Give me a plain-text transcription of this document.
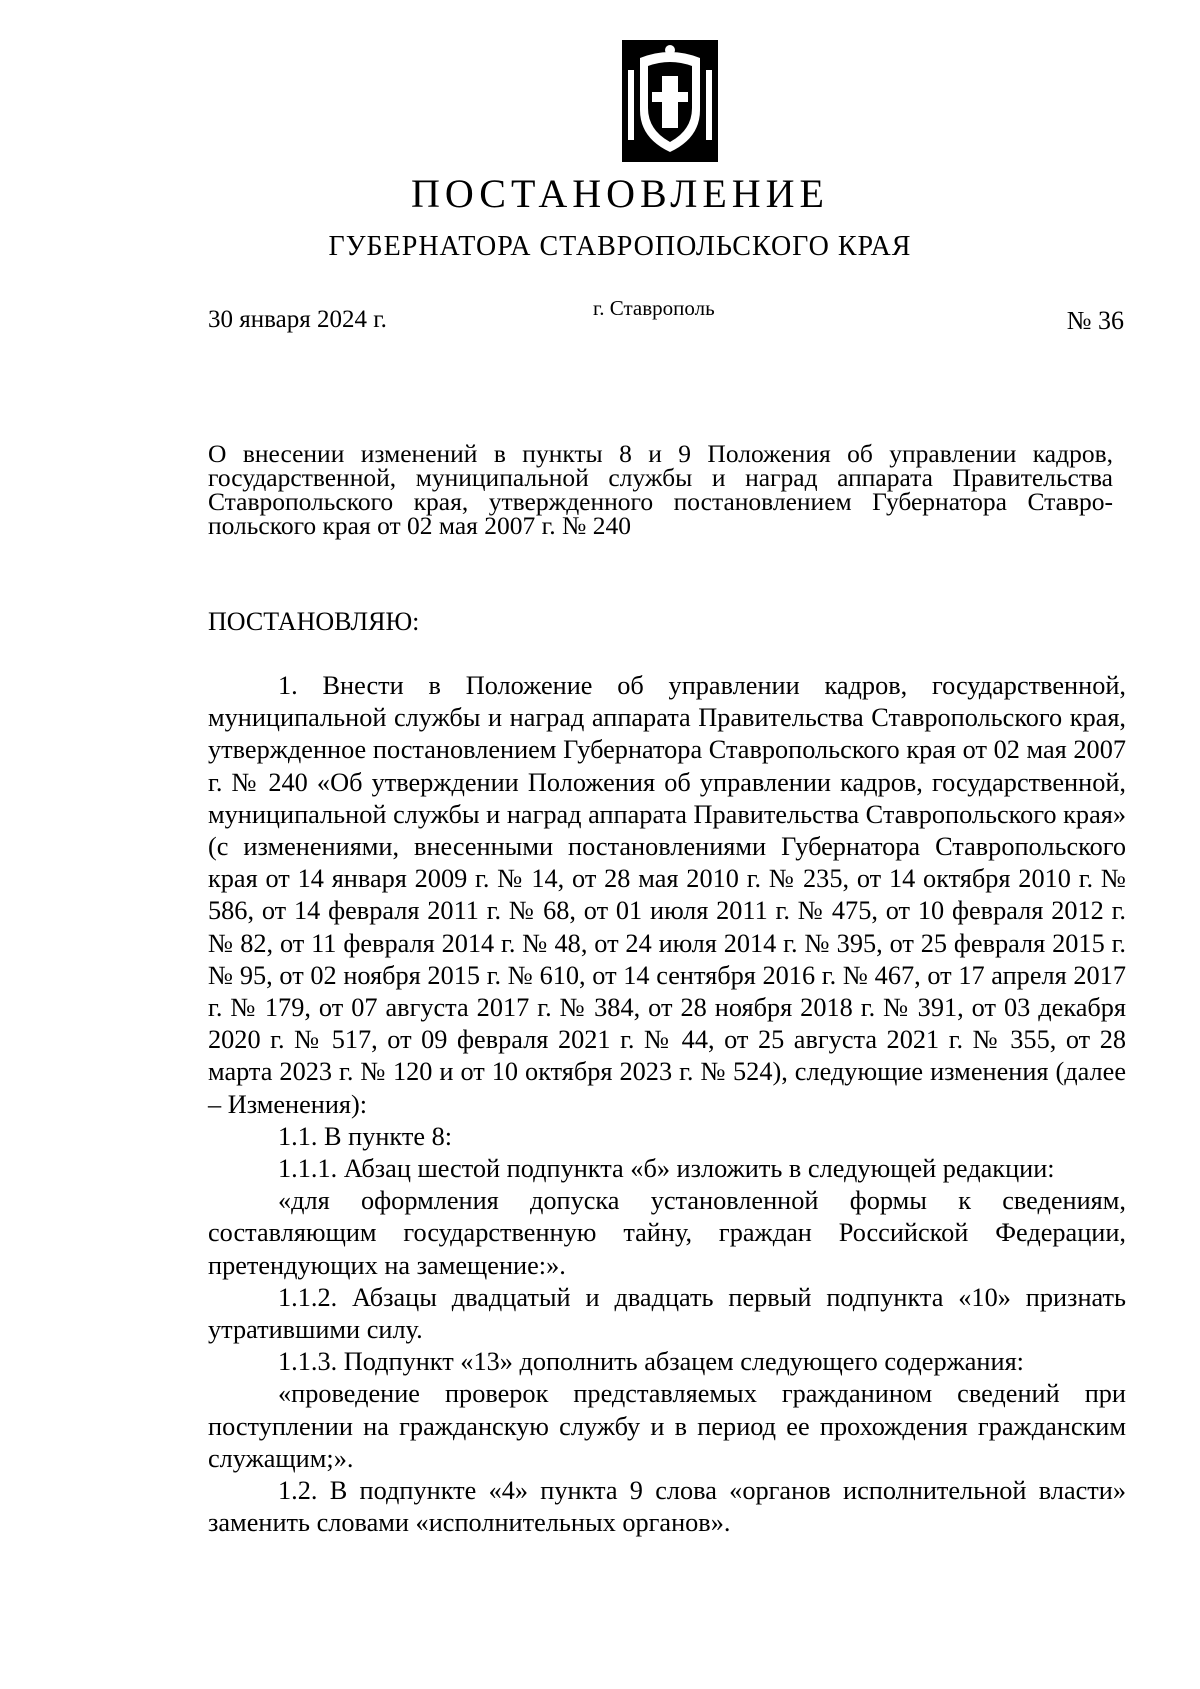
ПОСТАНОВЛЕНИЕ
ГУБЕРНАТОРА СТАВРОПОЛЬСКОГО КРАЯ
30 января 2024 г.	г. Ставрополь	№ 36
О внесении изменений в пункты 8 и 9 Положения об управлении кадров,
государственной, муниципальной службы и наград аппарата Правительства
Ставропольского края, утвержденного постановлением Губернатора Ставро-
польского края от 02 мая 2007 г. № 240
ПОСТАНОВЛЯЮ:

1. Внести в Положение об управлении кадров, государственной, муниципальной службы и наград аппарата Правительства Ставропольского края, утвержденное постановлением Губернатора Ставропольского края от 02 мая 2007 г. № 240 «Об утверждении Положения об управлении кадров, государственной, муниципальной службы и наград аппарата Правительства Ставропольского края» (с изменениями, внесенными постановлениями Губернатора Ставропольского края от 14 января 2009 г. № 14, от 28 мая 2010 г. № 235, от 14 октября 2010 г. № 586, от 14 февраля 2011 г. № 68, от 01 июля 2011 г. № 475, от 10 февраля 2012 г. № 82, от 11 февраля 2014 г. № 48, от 24 июля 2014 г. № 395, от 25 февраля 2015 г. № 95, от 02 ноября 2015 г. № 610, от 14 сентября 2016 г. № 467, от 17 апреля 2017 г. № 179, от 07 августа 2017 г. № 384, от 28 ноября 2018 г. № 391, от 03 декабря 2020 г. № 517, от 09 февраля 2021 г. № 44, от 25 августа 2021 г. № 355, от 28 марта 2023 г. № 120 и от 10 октября 2023 г. № 524), следующие изменения (далее – Изменения):

1.1. В пункте 8:

1.1.1. Абзац шестой подпункта «б» изложить в следующей редакции:

«для оформления допуска установленной формы к сведениям, составляющим государственную тайну, граждан Российской Федерации, претендующих на замещение:».

1.1.2. Абзацы двадцатый и двадцать первый подпункта «10» признать утратившими силу.

1.1.3. Подпункт «13» дополнить абзацем следующего содержания:

«проведение проверок представляемых гражданином сведений при поступлении на гражданскую службу и в период ее прохождения гражданским служащим;».

1.2. В подпункте «4» пункта 9 слова «органов исполнительной власти» заменить словами «исполнительных органов».
